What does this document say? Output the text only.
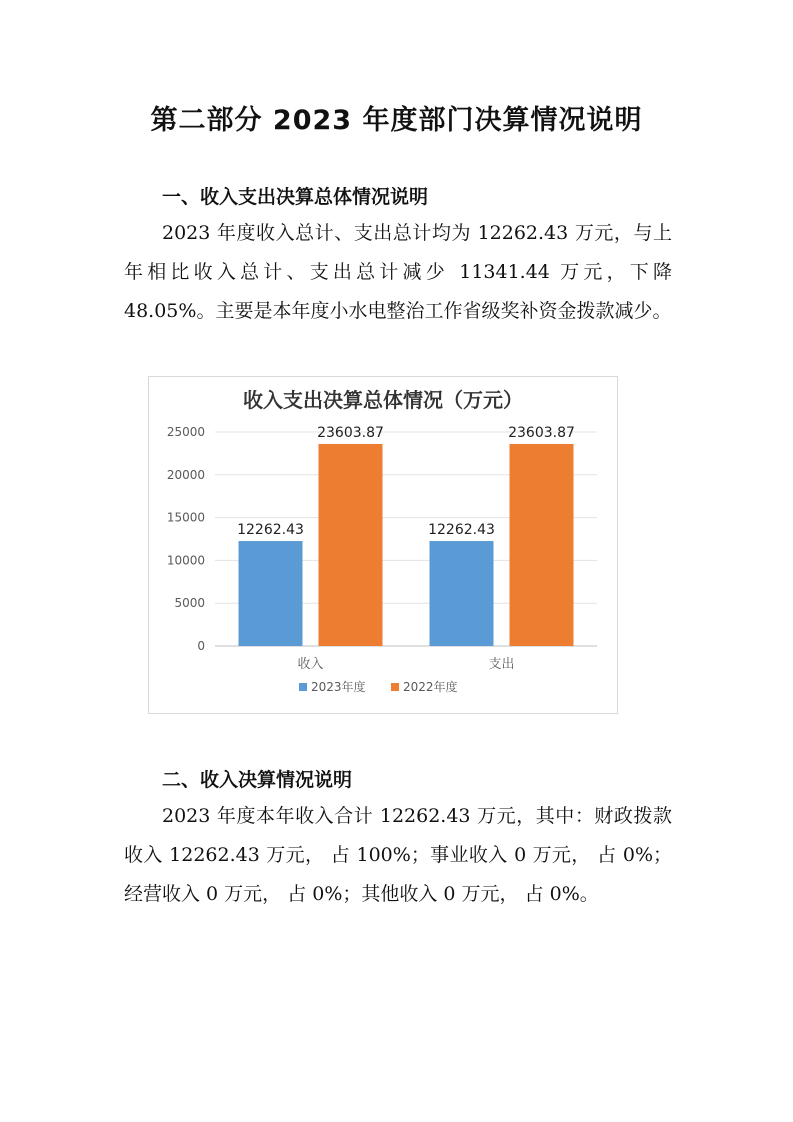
第二部分 2023 年度部门决算情况说明
一、收入支出决算总体情况说明
2023 年度收入总计、支出总计均为 12262.43 万元，与上年相比收入总计、支出总计减少 11341.44 万元，下降 48.05%。主要是本年度小水电整治工作省级奖补资金拨款减少。
收入支出决算总体情况（万元）
0
5000
10000
15000
20000
25000
12262.43
23603.87
收入
12262.43
23603.87
支出
2023年度	2022年度
二、收入决算情况说明
2023 年度本年收入合计 12262.43 万元，其中：财政拨款收入 12262.43 万元， 占 100%；事业收入 0 万元， 占 0%；经营收入 0 万元， 占 0%；其他收入 0 万元， 占 0%。
